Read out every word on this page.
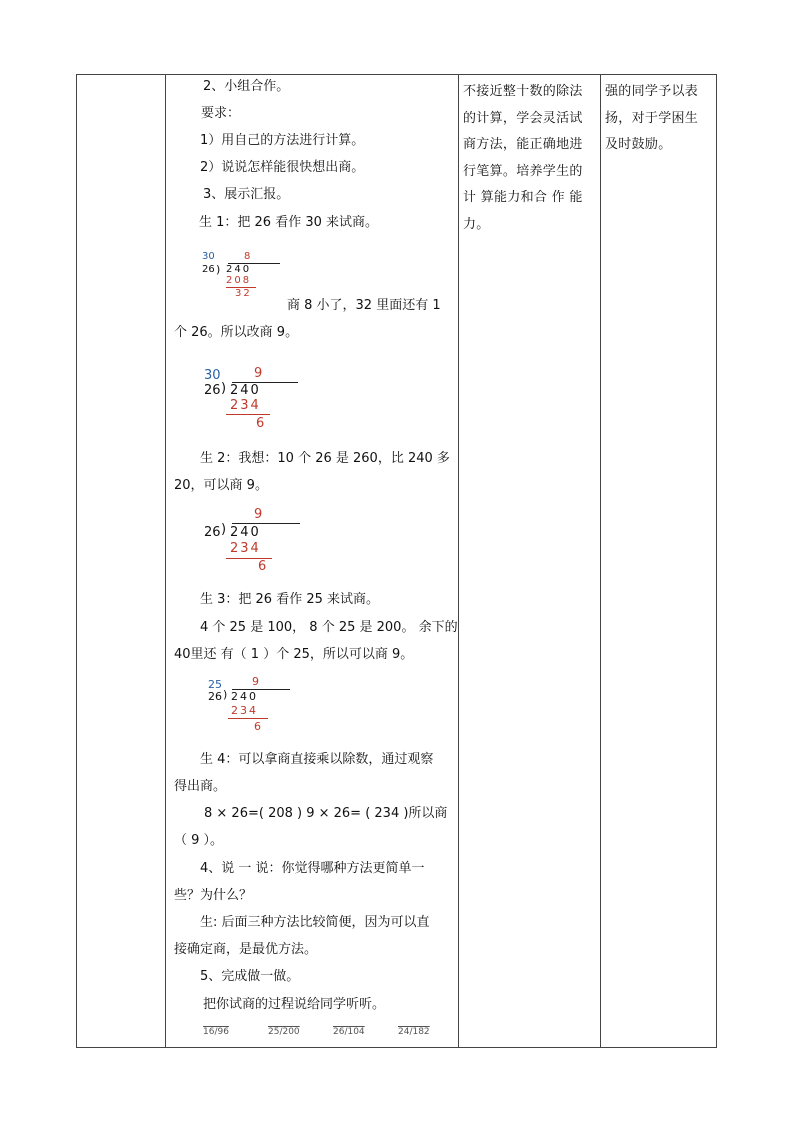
2、小组合作。
要求：
1）用自己的方法进行计算。
2）说说怎样能很快想出商。
3、展示汇报。
生 1：把 26 看作 30 来试商。
30	8
26 ) 240
208
32
商 8 小了，32 里面还有 1
个 26。所以改商 9。
30	9
26 ) 240
234
6
生 2：我想：10 个 26 是 260，比 240 多
20，可以商 9。
9
26 ) 240
234
6
生 3：把 26 看作 25 来试商。
4 个 25 是 100， 8 个 25 是 200。 余下的
40里还 有（ 1 ）个 25，所以可以商 9。
25	9
26 ) 240
234
6
生 4：可以拿商直接乘以除数，通过观察
得出商。
8 × 26=( 208 ) 9 × 26= ( 234 )所以商
（ 9 ）。
4、说 一 说：你觉得哪种方法更简单一
些？为什么？
生: 后面三种方法比较简便，因为可以直
接确定商，是最优方法。
5、完成做一做。
把你试商的过程说给同学听听。
16/96	25/200	26/104	24/182
不接近整十数的除法
的计算，学会灵活试
商方法，能正确地进
行笔算。培养学生的
计 算能力和合 作 能
力。
强的同学予以表
扬，对于学困生
及时鼓励。
